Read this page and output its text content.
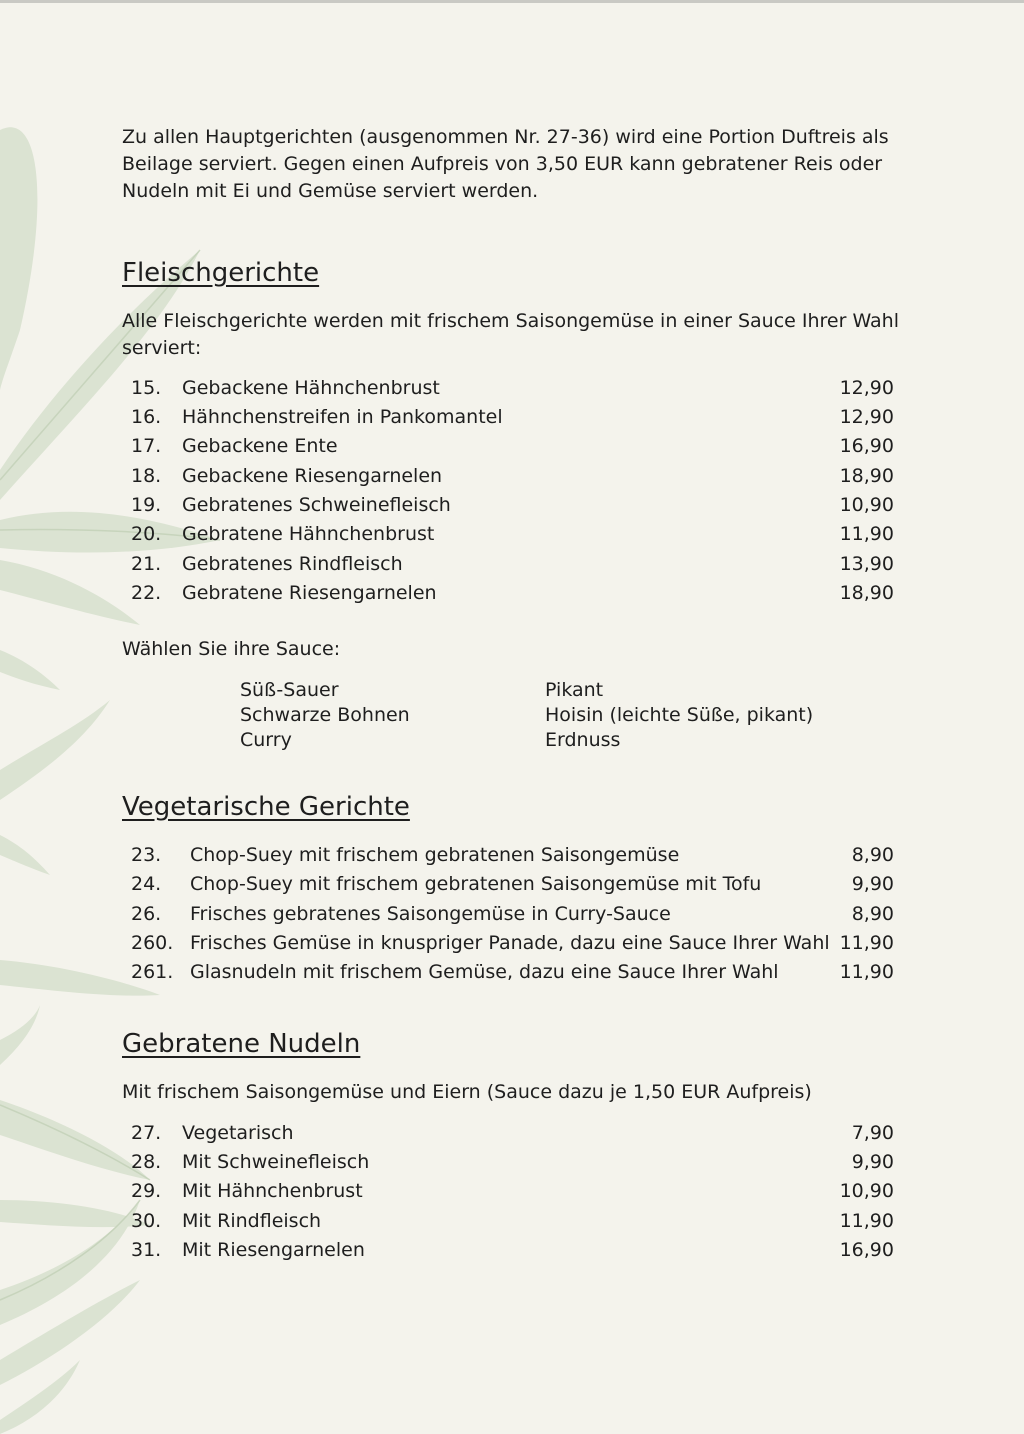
Zu allen Hauptgerichten (ausgenommen Nr. 27-36) wird eine Portion Duftreis als Beilage serviert. Gegen einen Aufpreis von 3,50 EUR kann gebratener Reis oder Nudeln mit Ei und Gemüse serviert werden.
Fleischgerichte
Alle Fleischgerichte werden mit frischem Saisongemüse in einer Sauce Ihrer Wahl serviert:
15. Gebackene Hähnchenbrust	12,90
16. Hähnchenstreifen in Pankomantel	12,90
17. Gebackene Ente	16,90
18. Gebackene Riesengarnelen	18,90
19. Gebratenes Schweinefleisch	10,90
20. Gebratene Hähnchenbrust	11,90
21. Gebratenes Rindfleisch	13,90
22. Gebratene Riesengarnelen	18,90
Wählen Sie ihre Sauce:
Süß-Sauer
Schwarze Bohnen
Curry
Pikant
Hoisin (leichte Süße, pikant)
Erdnuss
Vegetarische Gerichte
23. Chop-Suey mit frischem gebratenen Saisongemüse	8,90
24. Chop-Suey mit frischem gebratenen Saisongemüse mit Tofu	9,90
26. Frisches gebratenes Saisongemüse in Curry-Sauce	8,90
260. Frisches Gemüse in knuspriger Panade, dazu eine Sauce Ihrer Wahl 11,90
261. Glasnudeln mit frischem Gemüse, dazu eine Sauce Ihrer Wahl	11,90
Gebratene Nudeln
Mit frischem Saisongemüse und Eiern (Sauce dazu je 1,50 EUR Aufpreis)
27. Vegetarisch	7,90
28. Mit Schweinefleisch	9,90
29. Mit Hähnchenbrust	10,90
30. Mit Rindfleisch	11,90
31. Mit Riesengarnelen	16,90
